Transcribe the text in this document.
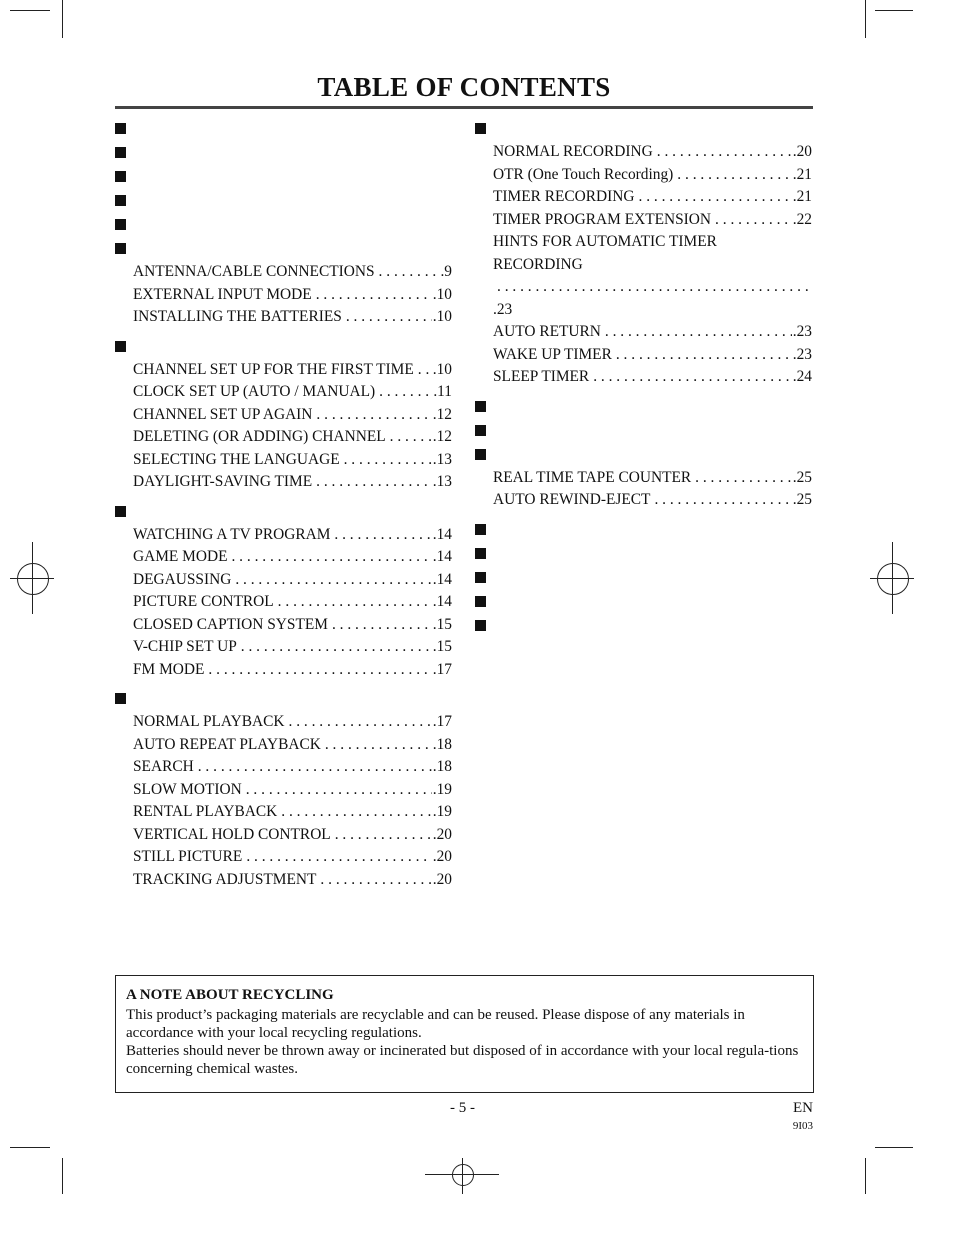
TABLE OF CONTENTS
ANTENNA/CABLE CONNECTIONS . . .	.9
EXTERNAL INPUT MODE . . .	.10
INSTALLING THE BATTERIES . . .	.10
CHANNEL SET UP FOR THE FIRST TIME . . . .10
CLOCK SET UP (AUTO / MANUAL) . . .	.11
CHANNEL SET UP AGAIN . . .	.12
DELETING (OR ADDING) CHANNEL . . .	.12
SELECTING THE LANGUAGE . . .	.13
DAYLIGHT-SAVING TIME . . .	.13
WATCHING A TV PROGRAM . . .	.14
GAME MODE . . .	.14
DEGAUSSING . . .	.14
PICTURE CONTROL . . .	.14
CLOSED CAPTION SYSTEM . . .	.15
V-CHIP SET UP . . .	.15
FM MODE . . .	.17
NORMAL PLAYBACK . . .	.17
AUTO REPEAT PLAYBACK . . .	.18
SEARCH . . .	.18
SLOW MOTION . . .	.19
RENTAL PLAYBACK . . .	.19
VERTICAL HOLD CONTROL . . .	.20
STILL PICTURE . . .	.20
TRACKING ADJUSTMENT . . .	.20
NORMAL RECORDING . . .	.20
OTR (One Touch Recording) . . .	.21
TIMER RECORDING . . .	.21
TIMER PROGRAM EXTENSION . . .	.22
HINTS FOR AUTOMATIC TIMER
RECORDING
. . .
.23
AUTO RETURN . . .	.23
WAKE UP TIMER . . .	.23
SLEEP TIMER . . .	.24
REAL TIME TAPE COUNTER . . .	.25
AUTO REWIND-EJECT . . .	.25
A NOTE ABOUT RECYCLING

This product’s packaging materials are recyclable and can be reused. Please dispose of any materials in accordance with your local recycling regulations.

Batteries should never be thrown away or incinerated but disposed of in accordance with your local regula-tions concerning chemical wastes.

- 5 -	EN
9I03
